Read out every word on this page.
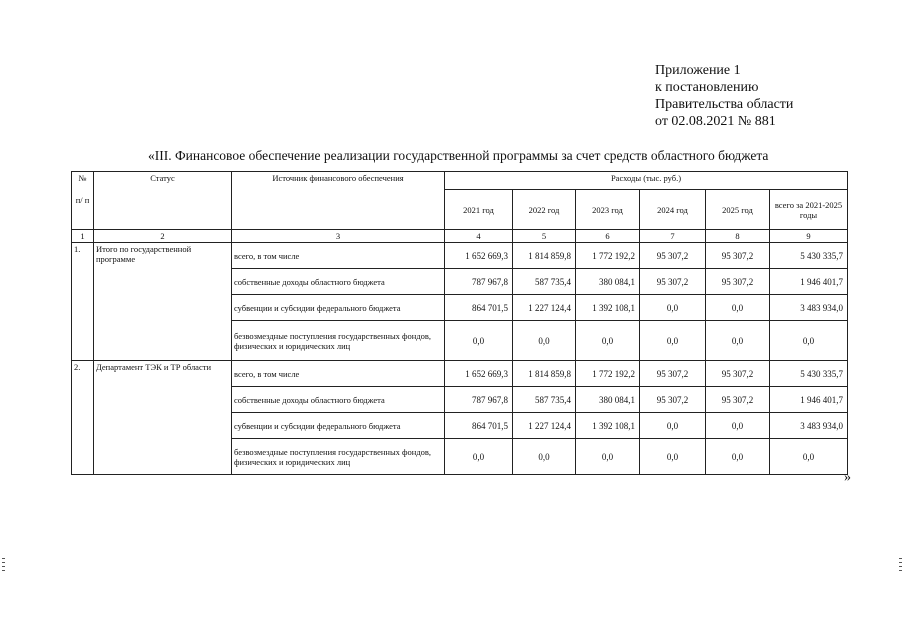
Приложение 1
к постановлению
Правительства области
от 02.08.2021 № 881
«III. Финансовое обеспечение реализации государственной программы за счет средств областного бюджета
№
п/ п	Статус	Источник финансового обеспечения	Расходы (тыс. руб.)					
			2021 год	2022 год	2023 год	2024 год	2025 год	всего за 2021-2025 годы
1	2	3	4	5	6	7	8	9
1.	Итого по государственной программе	всего, в том числе	1 652 669,3	1 814 859,8	1 772 192,2	95 307,2	95 307,2	5 430 335,7
		собственные доходы областного бюджета	787 967,8	587 735,4	380 084,1	95 307,2	95 307,2	1 946 401,7
		субвенции и субсидии федерального бюджета	864 701,5	1 227 124,4	1 392 108,1	0,0	0,0	3 483 934,0
		безвозмездные поступления государственных фондов, физических и юридических лиц	0,0	0,0	0,0	0,0	0,0	0,0
2.	Департамент ТЭК и ТР области	всего, в том числе	1 652 669,3	1 814 859,8	1 772 192,2	95 307,2	95 307,2	5 430 335,7
		собственные доходы областного бюджета	787 967,8	587 735,4	380 084,1	95 307,2	95 307,2	1 946 401,7
		субвенции и субсидии федерального бюджета	864 701,5	1 227 124,4	1 392 108,1	0,0	0,0	3 483 934,0
		безвозмездные поступления государственных фондов, физических и юридических лиц	0,0	0,0	0,0	0,0	0,0	0,0
»
